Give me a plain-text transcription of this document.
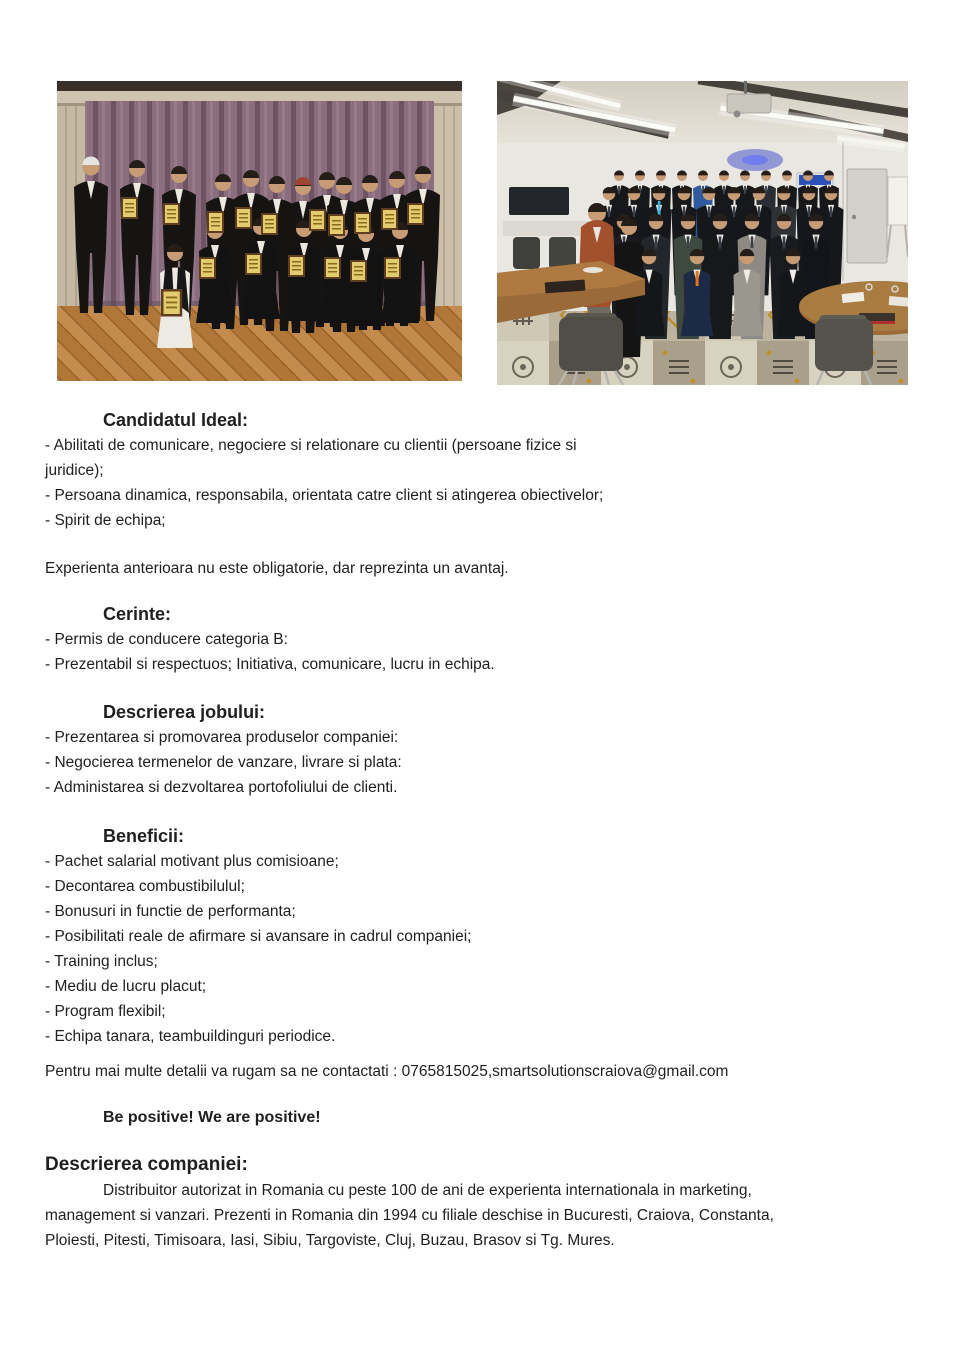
Candidatul Ideal:

- Abilitati de comunicare, negociere si relationare cu clientii (persoane fizice si

juridice);

- Persoana dinamica, responsabila, orientata catre client si atingerea obiectivelor;

- Spirit de echipa;

Experienta anterioara nu este obligatorie, dar reprezinta un avantaj.

Cerinte:

- Permis de conducere categoria B:

- Prezentabil si respectuos; Initiativa, comunicare, lucru in echipa.

Descrierea jobului:

- Prezentarea si promovarea produselor companiei:

- Negocierea termenelor de vanzare, livrare si plata:

- Administarea si dezvoltarea portofoliului de clienti.

Beneficii:

- Pachet salarial motivant plus comisioane;

- Decontarea combustibilulul;

- Bonusuri in functie de performanta;

- Posibilitati reale de afirmare si avansare in cadrul companiei;

- Training inclus;

- Mediu de lucru placut;

- Program flexibil;

- Echipa tanara, teambuildinguri periodice.

Pentru mai multe detalii va rugam sa ne contactati : 0765815025,smartsolutionscraiova@gmail.com

Be positive! We are positive!

Descrierea companiei:

Distribuitor autorizat in Romania cu peste 100 de ani de experienta internationala in marketing,

management si vanzari. Prezenti in Romania din 1994 cu filiale deschise in Bucuresti, Craiova, Constanta,

Ploiesti, Pitesti, Timisoara, Iasi, Sibiu, Targoviste, Cluj, Buzau, Brasov si Tg. Mures.
